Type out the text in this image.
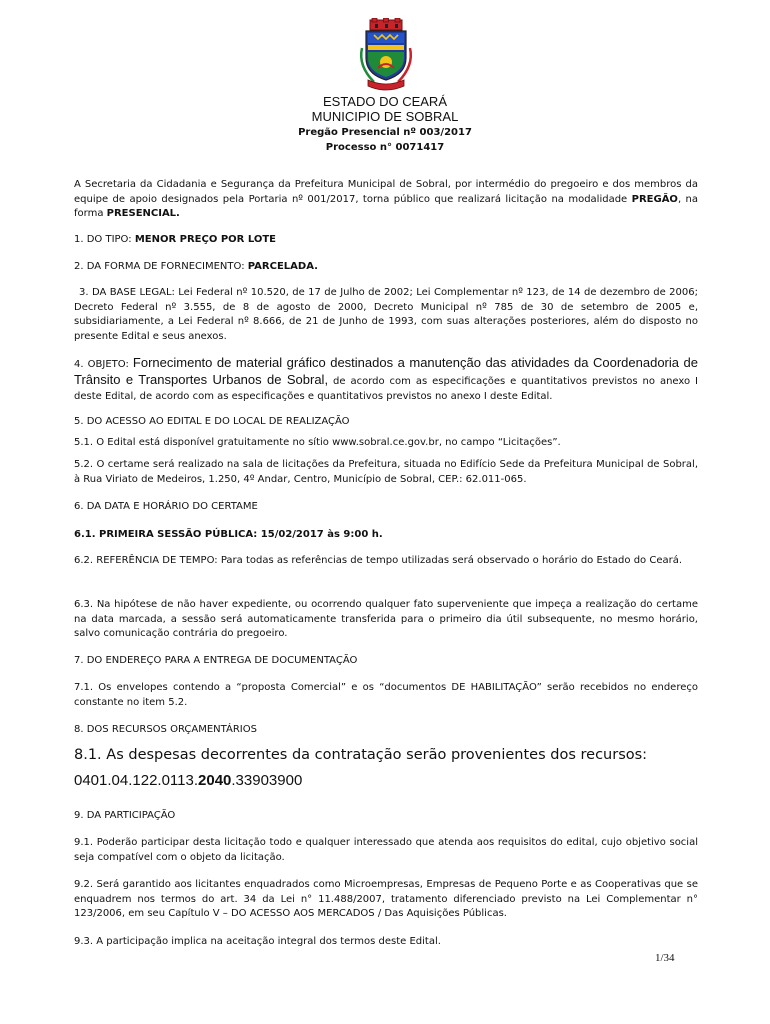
ESTADO DO CEARÁ
MUNICIPIO DE SOBRAL
Pregão Presencial nº 003/2017
Processo n° 0071417
A Secretaria da Cidadania e Segurança da Prefeitura Municipal de Sobral, por intermédio do pregoeiro e dos membros da equipe de apoio designados pela Portaria nº 001/2017, torna público que realizará licitação na modalidade PREGÃO, na forma PRESENCIAL.
1. DO TIPO: MENOR PREÇO POR LOTE
2. DA FORMA DE FORNECIMENTO: PARCELADA.
3. DA BASE LEGAL: Lei Federal nº 10.520, de 17 de Julho de 2002; Lei Complementar nº 123, de 14 de dezembro de 2006; Decreto Federal nº 3.555, de 8 de agosto de 2000, Decreto Municipal nº 785 de 30 de setembro de 2005 e, subsidiariamente, a Lei Federal nº 8.666, de 21 de Junho de 1993, com suas alterações posteriores, além do disposto no presente Edital e seus anexos.
4. OBJETO: Fornecimento de material gráfico destinados a manutenção das atividades da Coordenadoria de Trânsito e Transportes Urbanos de Sobral, de acordo com as especificações e quantitativos previstos no anexo I deste Edital, de acordo com as especificações e quantitativos previstos no anexo I deste Edital.
5. DO ACESSO AO EDITAL E DO LOCAL DE REALIZAÇÃO
5.1. O Edital está disponível gratuitamente no sítio www.sobral.ce.gov.br, no campo “Licitações”.
5.2. O certame será realizado na sala de licitações da Prefeitura, situada no Edifício Sede da Prefeitura Municipal de Sobral, à Rua Viriato de Medeiros, 1.250, 4º Andar, Centro, Município de Sobral, CEP.: 62.011-065.
6. DA DATA E HORÁRIO DO CERTAME
6.1. PRIMEIRA SESSÃO PÚBLICA: 15/02/2017 às 9:00 h.
6.2. REFERÊNCIA DE TEMPO: Para todas as referências de tempo utilizadas será observado o horário do Estado do Ceará.
6.3. Na hipótese de não haver expediente, ou ocorrendo qualquer fato superveniente que impeça a realização do certame na data marcada, a sessão será automaticamente transferida para o primeiro dia útil subsequente, no mesmo horário, salvo comunicação contrária do pregoeiro.
7. DO ENDEREÇO PARA A ENTREGA DE DOCUMENTAÇÃO
7.1. Os envelopes contendo a “proposta Comercial” e os “documentos DE HABILITAÇÃO” serão recebidos no endereço constante no item 5.2.
8. DOS RECURSOS ORÇAMENTÁRIOS
8.1. As despesas decorrentes da contratação serão provenientes dos recursos:
0401.04.122.0113.2040.33903900
9. DA PARTICIPAÇÃO
9.1. Poderão participar desta licitação todo e qualquer interessado que atenda aos requisitos do edital, cujo objetivo social seja compatível com o objeto da licitação.
9.2. Será garantido aos licitantes enquadrados como Microempresas, Empresas de Pequeno Porte e as Cooperativas que se enquadrem nos termos do art. 34 da Lei n° 11.488/2007, tratamento diferenciado previsto na Lei Complementar n° 123/2006, em seu Capítulo V – DO ACESSO AOS MERCADOS / Das Aquisições Públicas.
9.3. A participação implica na aceitação integral dos termos deste Edital.
1/34
